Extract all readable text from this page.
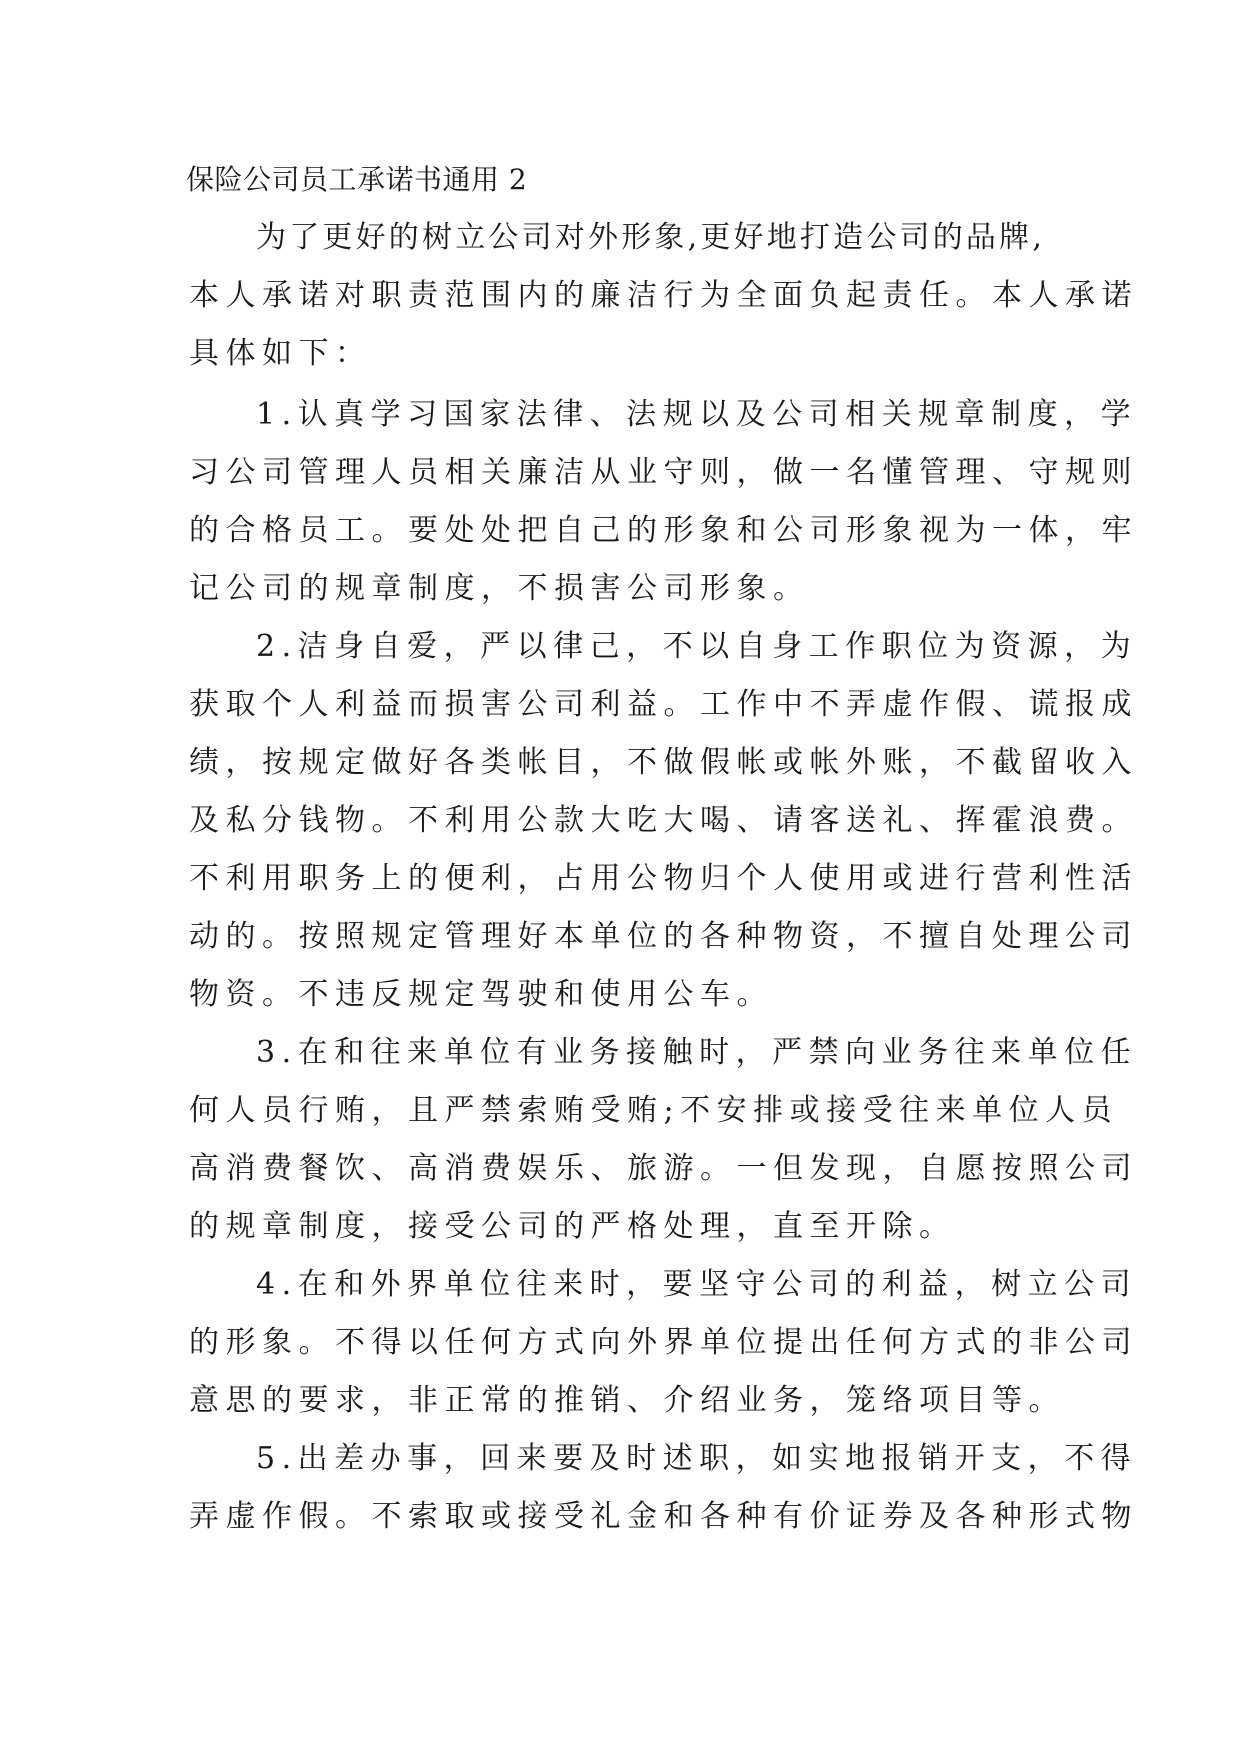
保险公司员工承诺书通用 2
为了更好的树立公司对外形象,更好地打造公司的品牌,
本人承诺对职责范围内的廉洁行为全面负起责任。本人承诺
具体如下：
1.认真学习国家法律、法规以及公司相关规章制度，学
习公司管理人员相关廉洁从业守则，做一名懂管理、守规则
的合格员工。要处处把自己的形象和公司形象视为一体，牢
记公司的规章制度，不损害公司形象。
2.洁身自爱，严以律己，不以自身工作职位为资源，为
获取个人利益而损害公司利益。工作中不弄虚作假、谎报成
绩，按规定做好各类帐目，不做假帐或帐外账，不截留收入
及私分钱物。不利用公款大吃大喝、请客送礼、挥霍浪费。
不利用职务上的便利，占用公物归个人使用或进行营利性活
动的。按照规定管理好本单位的各种物资，不擅自处理公司
物资。不违反规定驾驶和使用公车。
3.在和往来单位有业务接触时，严禁向业务往来单位任
何人员行贿，且严禁索贿受贿;不安排或接受往来单位人员
高消费餐饮、高消费娱乐、旅游。一但发现，自愿按照公司
的规章制度，接受公司的严格处理，直至开除。
4.在和外界单位往来时，要坚守公司的利益，树立公司
的形象。不得以任何方式向外界单位提出任何方式的非公司
意思的要求，非正常的推销、介绍业务，笼络项目等。
5.出差办事，回来要及时述职，如实地报销开支，不得
弄虚作假。不索取或接受礼金和各种有价证券及各种形式物
